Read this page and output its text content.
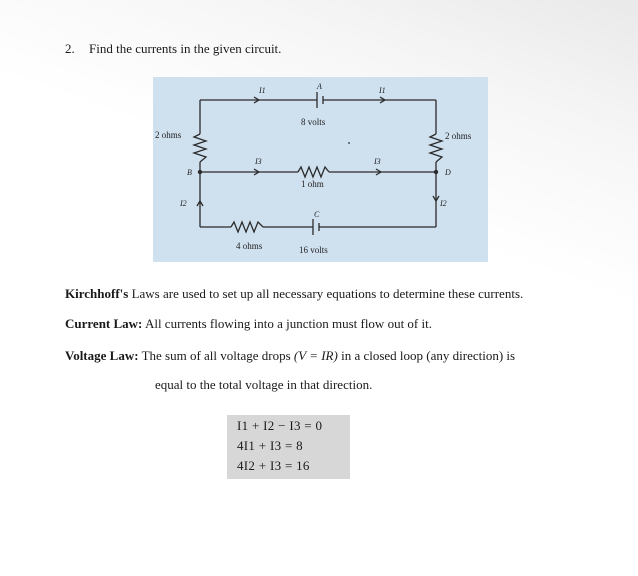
2. Find the currents in the given circuit.
8 volts
A
2 ohms	2 ohms
B	D
1 ohm
C
4 ohms	16 volts
I1	I1
I3	I3
I2	I2
Kirchhoff's Laws are used to set up all necessary equations to determine these currents.
Current Law: All currents flowing into a junction must flow out of it.
Voltage Law: The sum of all voltage drops (V = IR) in a closed loop (any direction) is
equal to the total voltage in that direction.
I1 + I2 − I3 = 0
4I1 + I3 = 8
4I2 + I3 = 16
